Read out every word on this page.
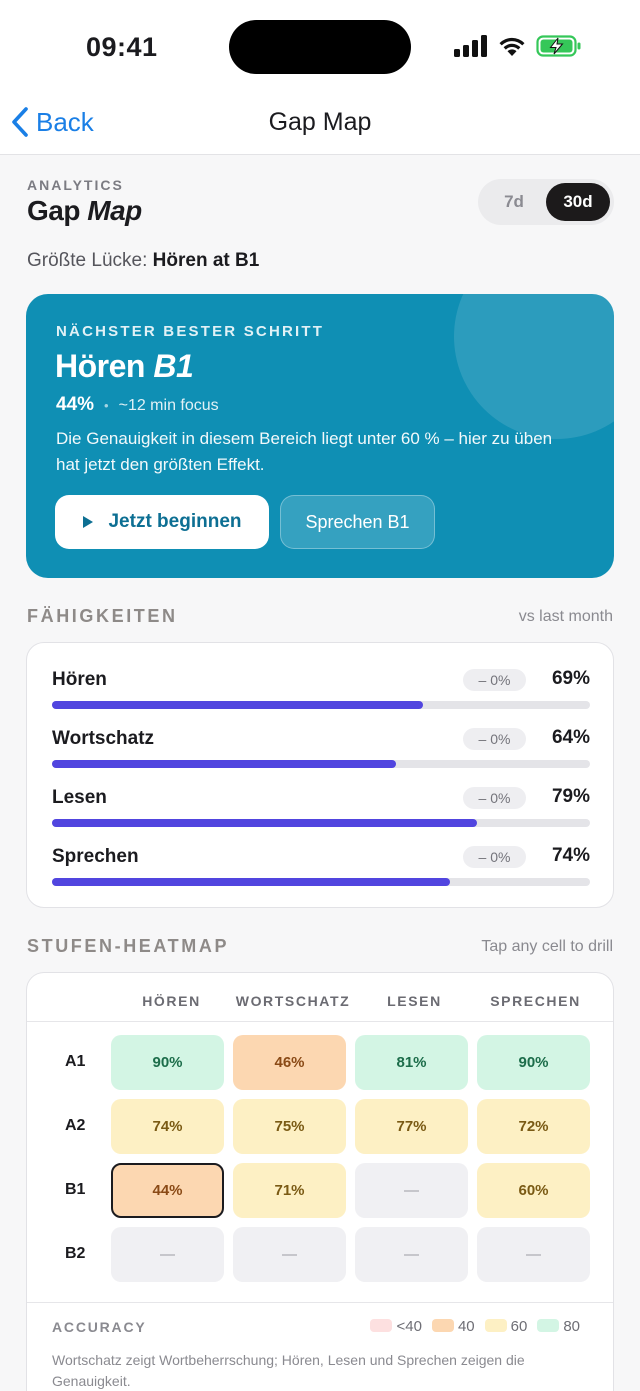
09:41
Back	Gap Map
ANALYTICS
Gap Map	7d	30d
Größte Lücke: Hören at B1
NÄCHSTER BESTER SCHRITT
Hören B1
44% • ~12 min focus
Die Genauigkeit in diesem Bereich liegt unter 60 % – hier zu üben hat jetzt den größten Effekt.
Jetzt beginnen	Sprechen B1
FÄHIGKEITEN	vs last month
Hören	– 0%	69%
Wortschatz	– 0%	64%
Lesen	– 0%	79%
Sprechen	– 0%	74%
STUFEN-HEATMAP	Tap any cell to drill
HÖREN	WORTSCHATZ	LESEN	SPRECHEN
A1	90%	46%	81%	90%
A2	74%	75%	77%	72%
B1	44%	71%	—	60%
B2	—	—	—	—
ACCURACY	<40	40	60	80
Wortschatz zeigt Wortbeherrschung; Hören, Lesen und Sprechen zeigen die Genauigkeit.
